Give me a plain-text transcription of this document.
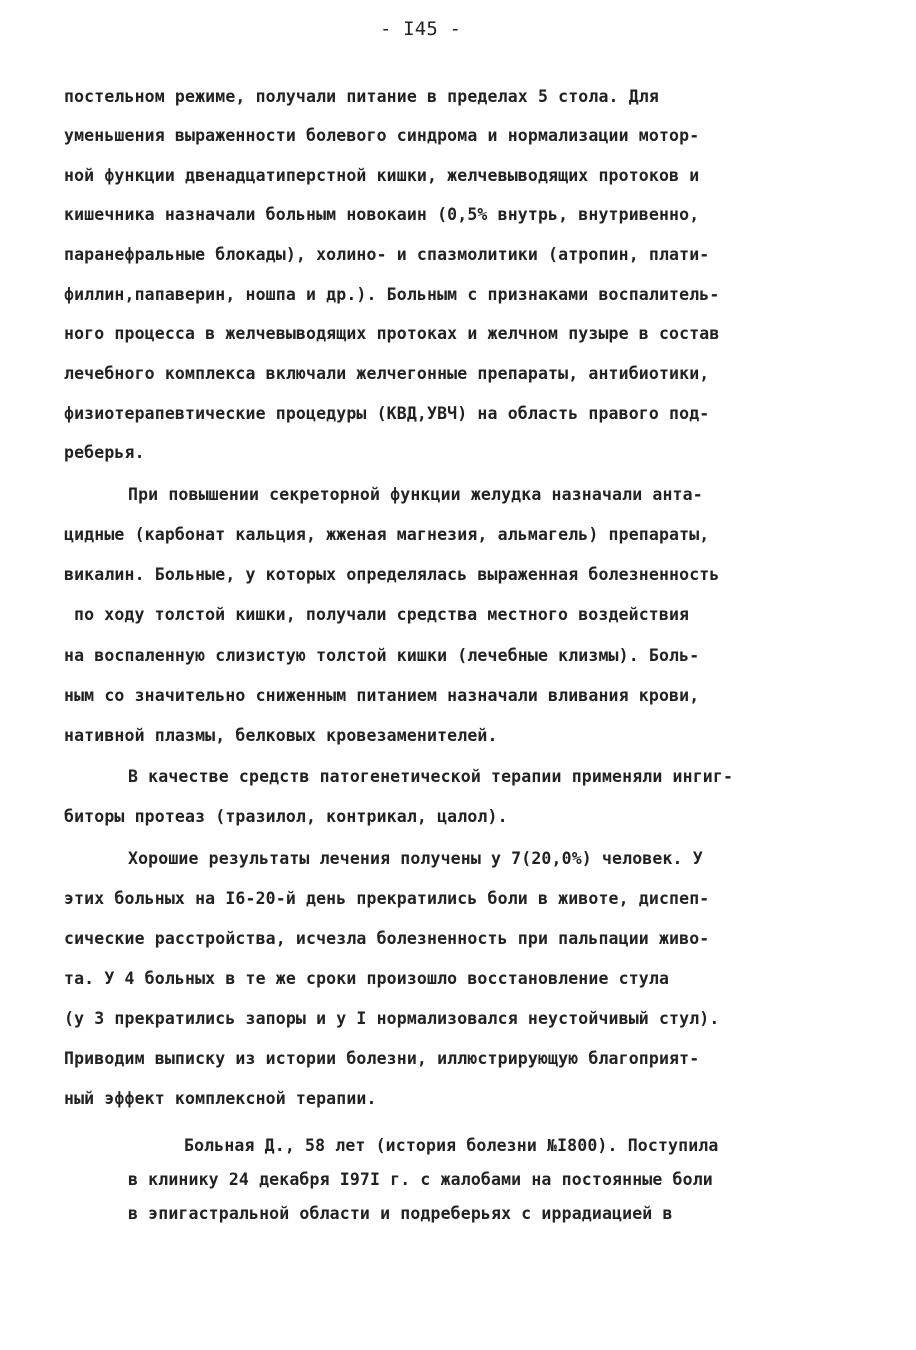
- I45 -
постельном режиме, получали питание в пределах 5 стола. Для
уменьшения выраженности болевого синдрома и нормализации мотор-
ной функции двенадцатиперстной кишки, желчевыводящих протоков и
кишечника назначали больным новокаин (0,5% внутрь, внутривенно,
паранефральные блокады), холино- и спазмолитики (атропин, плати-
филлин,папаверин, ношпа и др.). Больным с признаками воспалитель-
ного процесса в желчевыводящих протоках и желчном пузыре в состав
лечебного комплекса включали желчегонные препараты, антибиотики,
физиотерапевтические процедуры (КВД,УВЧ) на область правого под-
реберья.
При повышении секреторной функции желудка назначали анта-
цидные (карбонат кальция, жженая магнезия, альмагель) препараты,
викалин. Больные, у которых определялась выраженная болезненность
по ходу толстой кишки, получали средства местного воздействия
на воспаленную слизистую толстой кишки (лечебные клизмы). Боль-
ным со значительно сниженным питанием назначали вливания крови,
нативной плазмы, белковых кровезаменителей.
В качестве средств патогенетической терапии применяли ингиг-
биторы протеаз (тразилол, контрикал, цалол).
Хорошие результаты лечения получены у 7(20,0%) человек. У
этих больных на I6-20-й день прекратились боли в животе, диспеп-
сические расстройства, исчезла болезненность при пальпации живо-
та. У 4 больных в те же сроки произошло восстановление стула
(у 3 прекратились запоры и у I нормализовался неустойчивый стул).
Приводим выписку из истории болезни, иллюстрирующую благоприят-
ный эффект комплексной терапии.
Больная Д., 58 лет (история болезни №I800). Поступила
в клинику 24 декабря I97I г. с жалобами на постоянные боли
в эпигастральной области и подреберьях с иррадиацией в
